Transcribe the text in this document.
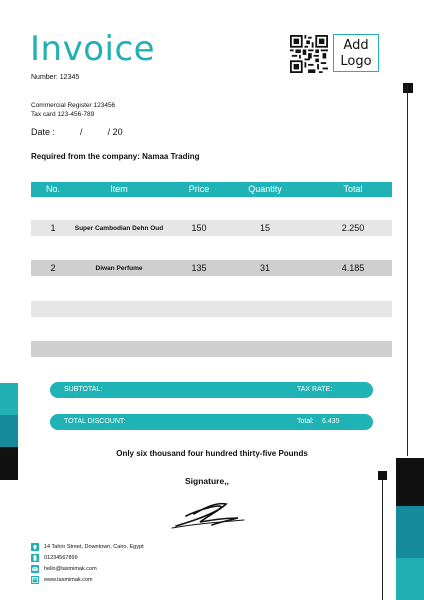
Invoice
Number: 12345
Commercial Register 123456
Tax card 123-456-789
Date :	/	/ 20
Required from the company: Namaa Trading
Add
Logo
No.	Item	Price	Quantity	Total
1	Super Cambodian Dehn Oud	150	15	2.250
2	Diwan Perfume	135	31	4.185
SUBTOTAL:	TAX RATE:
TOTAL DISCOUNT:	Total: 6.435
Only six thousand four hundred thirty-five Pounds
Signature,,
14 Tahrir Street, Downtown, Cairo, Egypt
01234567899
hello@tasmimak.com
www.tasmimak.com
